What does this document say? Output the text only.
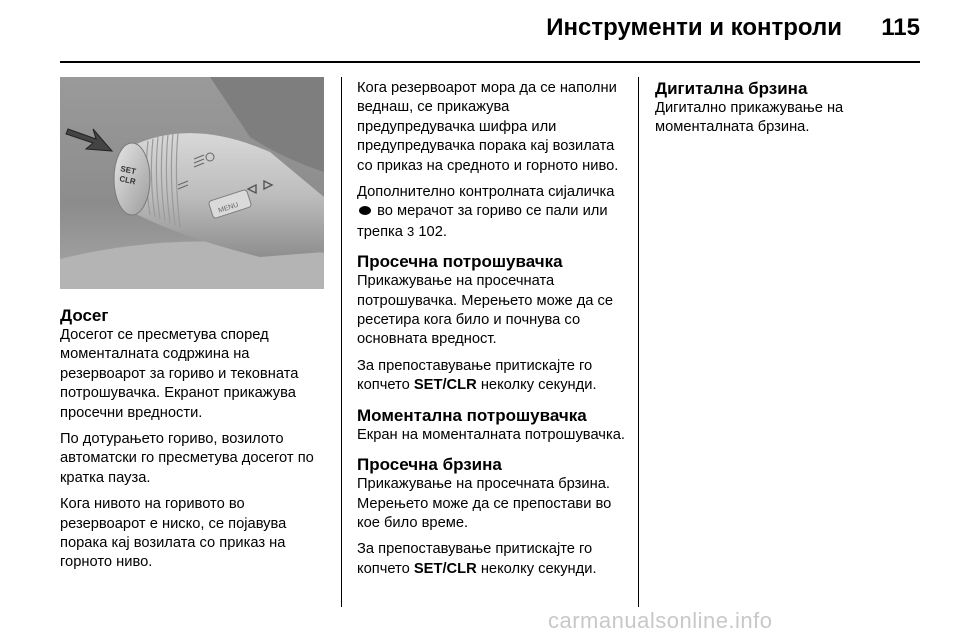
Инструменти и контроли 115
SET
CLR
MENU
Досег

Досегот се пресметува според моменталната содржина на резервоарот за гориво и тековната потрошувачка. Екранот прикажува просечни вредности.

По дотурањето гориво, возилото автоматски го пресметува досегот по кратка пауза.

Кога нивото на горивото во резервоарот е ниско, се појавува порака кај возилата со приказ на горното ниво.

Кога резервоарот мора да се наполни веднаш, се прикажува предупредувачка шифра или предупредувачка порака кај возилата со приказ на средното и горното ниво.

Дополнително контролната сијаличка  во мерачот за гориво се пали или трепка 3 102.

Просечна потрошувачка

Прикажување на просечната потрошувачка. Мерењето може да се ресетира кога било и почнува со основната вредност.

За препоставување притискајте го копчето SET/CLR неколку секунди.

Моментална потрошувачка

Екран на моменталната потрошувачка.

Просечна брзина

Прикажување на просечната брзина. Мерењето може да се препостави во кое било време.

За препоставување притискајте го копчето SET/CLR неколку секунди.

Дигитална брзина

Дигитално прикажување на моменталната брзина.

carmanualsonline.info
